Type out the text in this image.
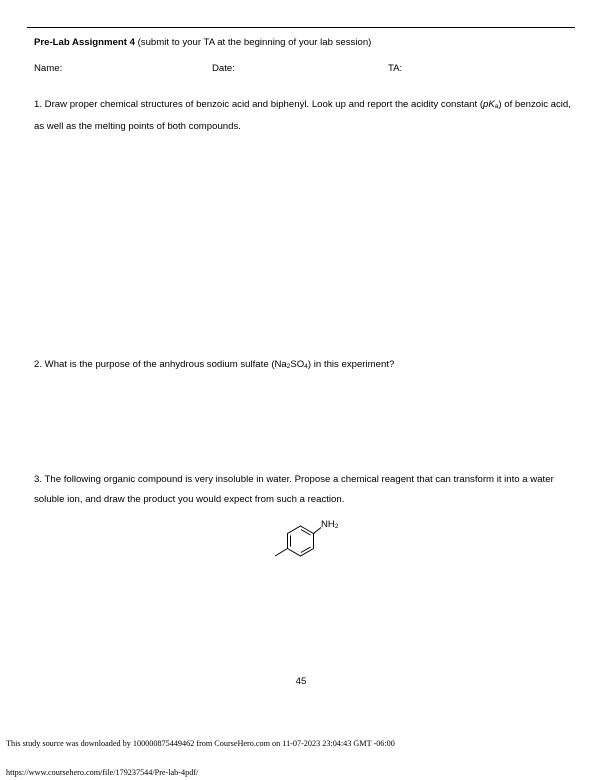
Pre-Lab Assignment 4 (submit to your TA at the beginning of your lab session)
Name:	Date:	TA:
1. Draw proper chemical structures of benzoic acid and biphenyl. Look up and report the acidity constant $(pK_a)$ of benzoic acid, as well as the melting points of both compounds.
2. What is the purpose of the anhydrous sodium sulfate $(Na_2SO_4)$ in this experiment?
3. The following organic compound is very insoluble in water. Propose a chemical reagent that can transform it into a water soluble ion, and draw the product you would expect from such a reaction.
$NH_2$
45
This study source was downloaded by 100000875449462 from CourseHero.com on 11-07-2023 23:04:43 GMT -06:00
https://www.coursehero.com/file/179237544/Pre-lab-4pdf/
